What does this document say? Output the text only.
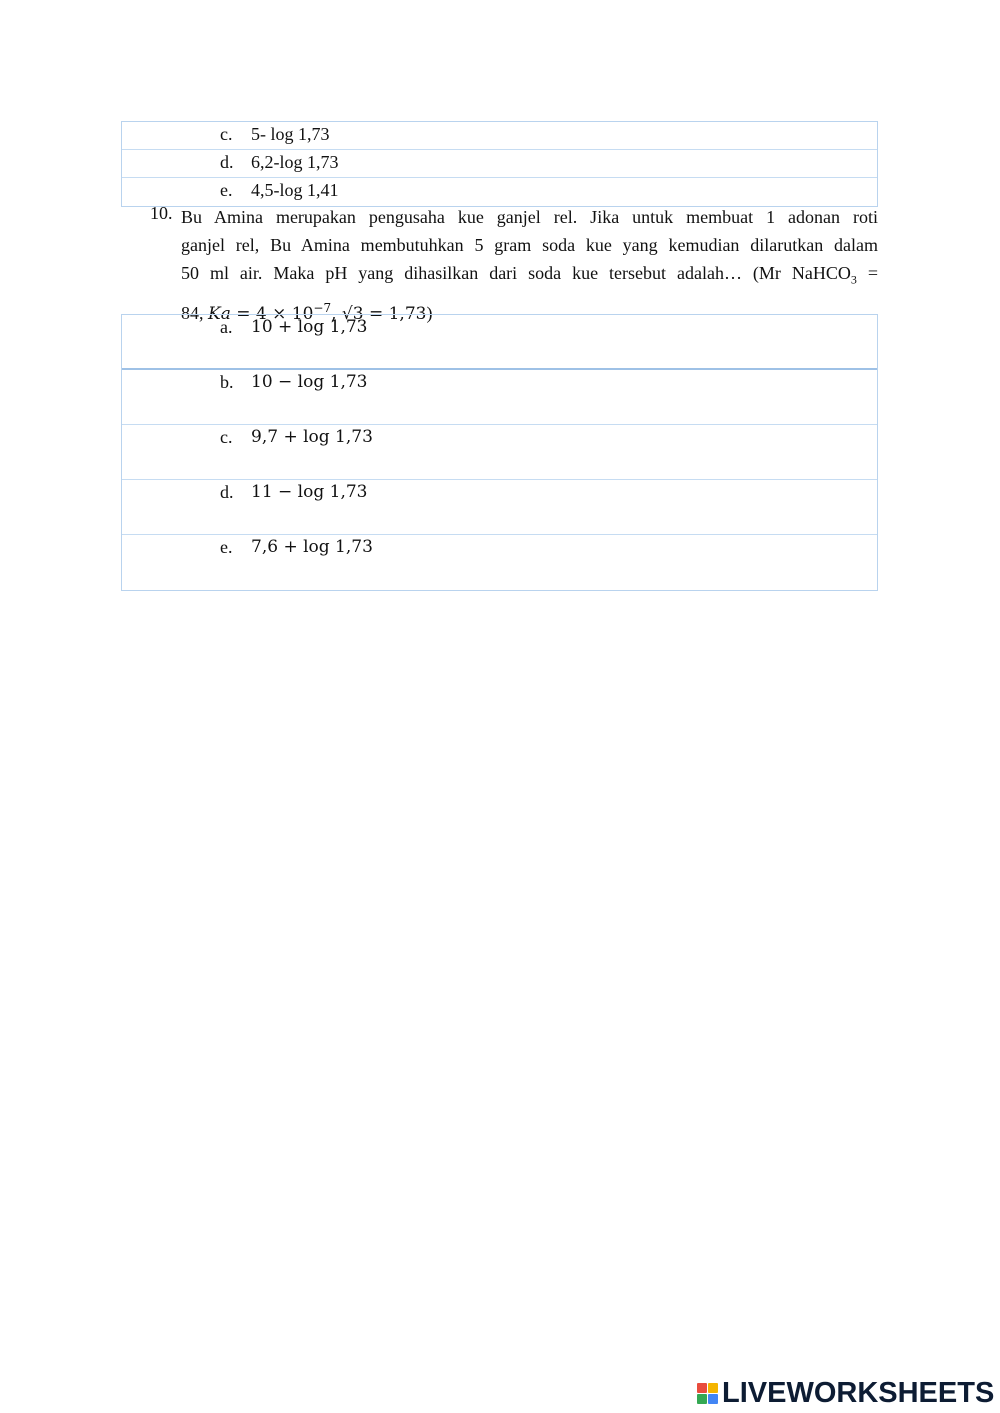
c. 5- log 1,73
d. 6,2-log 1,73
e. 4,5-log 1,41
10. Bu Amina merupakan pengusaha kue ganjel rel. Jika untuk membuat 1 adonan roti
ganjel rel, Bu Amina membutuhkan 5 gram soda kue yang kemudian dilarutkan dalam
50 ml air. Maka pH yang dihasilkan dari soda kue tersebut adalah… (Mr NaHCO$_3$ =
84, $Ka = 4 \times 10^{-7}$, √3 = 1,73)
a. 10 + log 1,73
b. 10 − log 1,73
c. 9,7 + log 1,73
d. 11 − log 1,73
e. 7,6 + log 1,73
LIVEWORKSHEETS
